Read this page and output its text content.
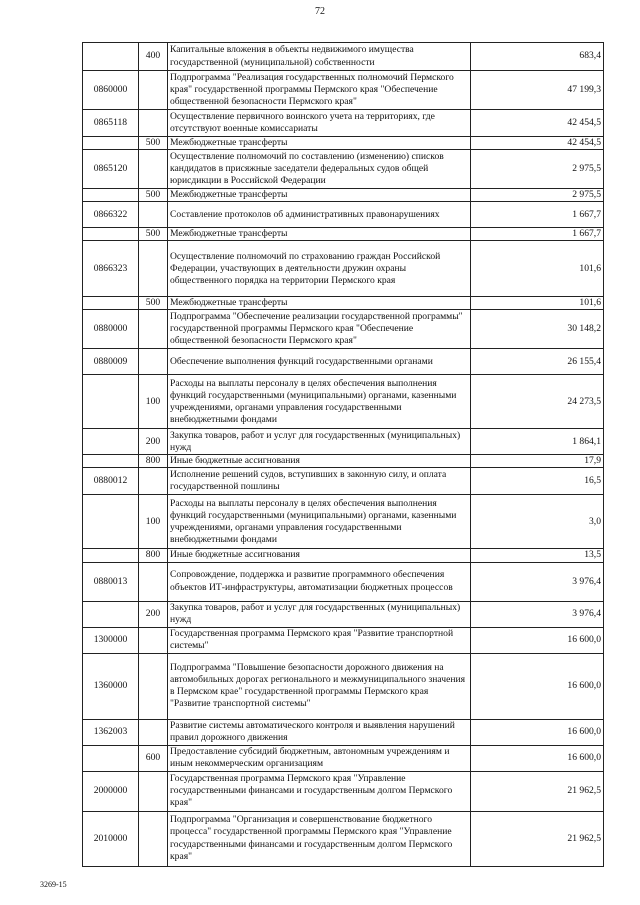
72
	400	Капитальные вложения в объекты недвижимого имущества государственной (муниципальной) собственности	683,4
0860000		Подпрограмма "Реализация государственных полномочий Пермского края" государственной программы Пермского края "Обеспечение общественной безопасности Пермского края"	47 199,3
0865118		Осуществление первичного воинского учета на территориях, где отсутствуют военные комиссариаты	42 454,5
	500	Межбюджетные трансферты	42 454,5
0865120		Осуществление полномочий по составлению (изменению) списков кандидатов в присяжные заседатели федеральных судов общей юрисдикции в Российской Федерации	2 975,5
	500	Межбюджетные трансферты	2 975,5
0866322		Составление протоколов об административных правонарушениях	1 667,7
	500	Межбюджетные трансферты	1 667,7
0866323		Осуществление полномочий по страхованию граждан Российской Федерации, участвующих в деятельности дружин охраны общественного порядка на территории Пермского края	101,6
	500	Межбюджетные трансферты	101,6
0880000		Подпрограмма "Обеспечение реализации государственной программы" государственной программы Пермского края "Обеспечение общественной безопасности Пермского края"	30 148,2
0880009		Обеспечение выполнения функций государственными органами	26 155,4
	100	Расходы на выплаты персоналу в целях обеспечения выполнения функций государственными (муниципальными) органами, казенными учреждениями, органами управления государственными внебюджетными фондами	24 273,5
	200	Закупка товаров, работ и услуг для государственных (муниципальных) нужд	1 864,1
	800	Иные бюджетные ассигнования	17,9
0880012		Исполнение решений судов, вступивших в законную силу, и оплата государственной пошлины	16,5
	100	Расходы на выплаты персоналу в целях обеспечения выполнения функций государственными (муниципальными) органами, казенными учреждениями, органами управления государственными внебюджетными фондами	3,0
	800	Иные бюджетные ассигнования	13,5
0880013		Сопровождение, поддержка и развитие программного обеспечения объектов ИТ-инфраструктуры, автоматизации бюджетных процессов	3 976,4
	200	Закупка товаров, работ и услуг для государственных (муниципальных) нужд	3 976,4
1300000		Государственная программа Пермского края "Развитие транспортной системы"	16 600,0
1360000		Подпрограмма "Повышение безопасности дорожного движения на автомобильных дорогах регионального и межмуниципального значения в Пермском крае" государственной программы Пермского края "Развитие транспортной системы"	16 600,0
1362003		Развитие системы автоматического контроля и выявления нарушений правил дорожного движения	16 600,0
	600	Предоставление субсидий бюджетным, автономным учреждениям и иным некоммерческим организациям	16 600,0
2000000		Государственная программа Пермского края "Управление государственными финансами и государственным долгом Пермского края"	21 962,5
2010000		Подпрограмма "Организация и совершенствование бюджетного процесса" государственной программы Пермского края "Управление государственными финансами и государственным долгом Пермского края"	21 962,5
3269-15
